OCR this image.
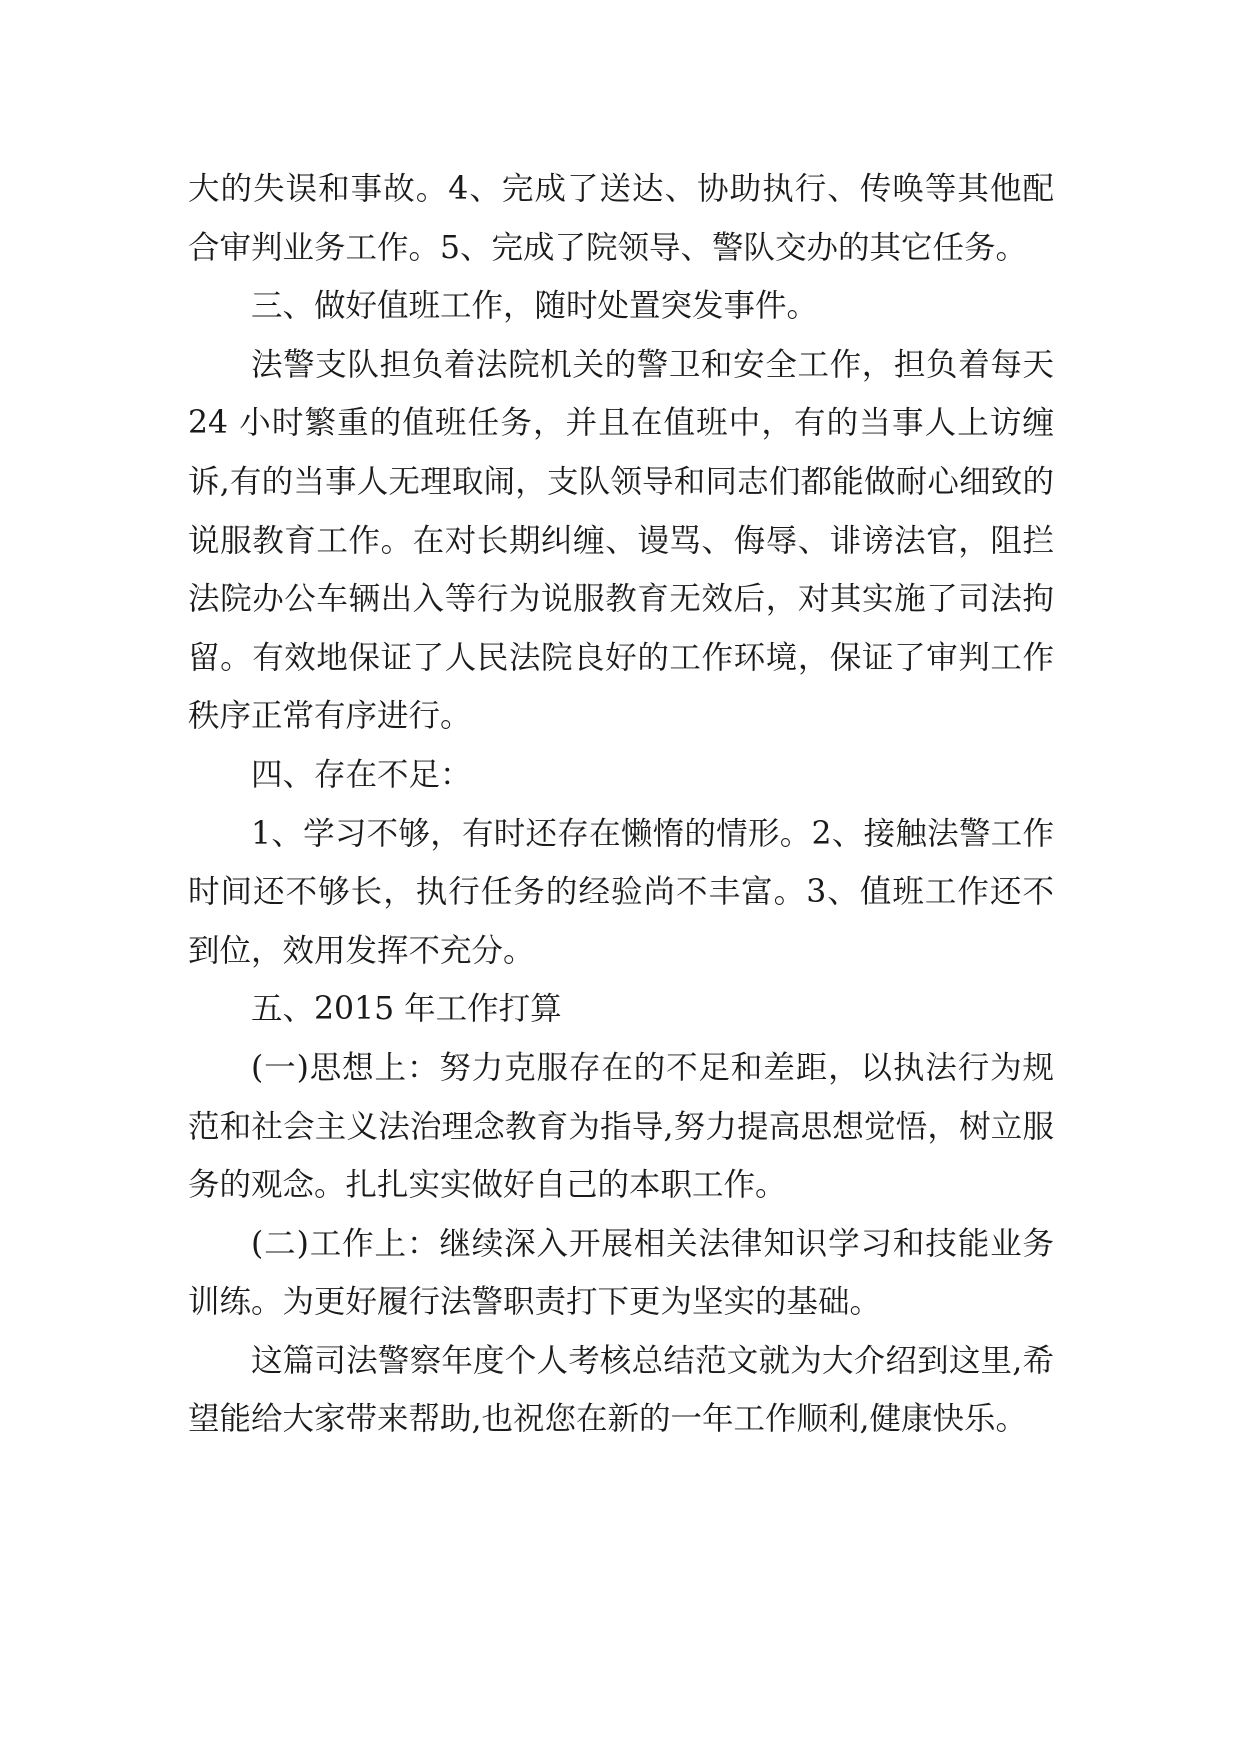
大的失误和事故。4、完成了送达、协助执行、传唤等其他配合审判业务工作。5、完成了院领导、警队交办的其它任务。

三、做好值班工作，随时处置突发事件。

法警支队担负着法院机关的警卫和安全工作，担负着每天 24 小时繁重的值班任务，并且在值班中，有的当事人上访缠诉,有的当事人无理取闹，支队领导和同志们都能做耐心细致的说服教育工作。在对长期纠缠、谩骂、侮辱、诽谤法官，阻拦法院办公车辆出入等行为说服教育无效后，对其实施了司法拘留。有效地保证了人民法院良好的工作环境，保证了审判工作秩序正常有序进行。

四、存在不足：

1、学习不够，有时还存在懒惰的情形。2、接触法警工作时间还不够长，执行任务的经验尚不丰富。3、值班工作还不到位，效用发挥不充分。

五、2015 年工作打算

(一)思想上：努力克服存在的不足和差距，以执法行为规范和社会主义法治理念教育为指导,努力提高思想觉悟，树立服务的观念。扎扎实实做好自己的本职工作。

(二)工作上：继续深入开展相关法律知识学习和技能业务训练。为更好履行法警职责打下更为坚实的基础。

这篇司法警察年度个人考核总结范文就为大介绍到这里,希望能给大家带来帮助,也祝您在新的一年工作顺利,健康快乐。
